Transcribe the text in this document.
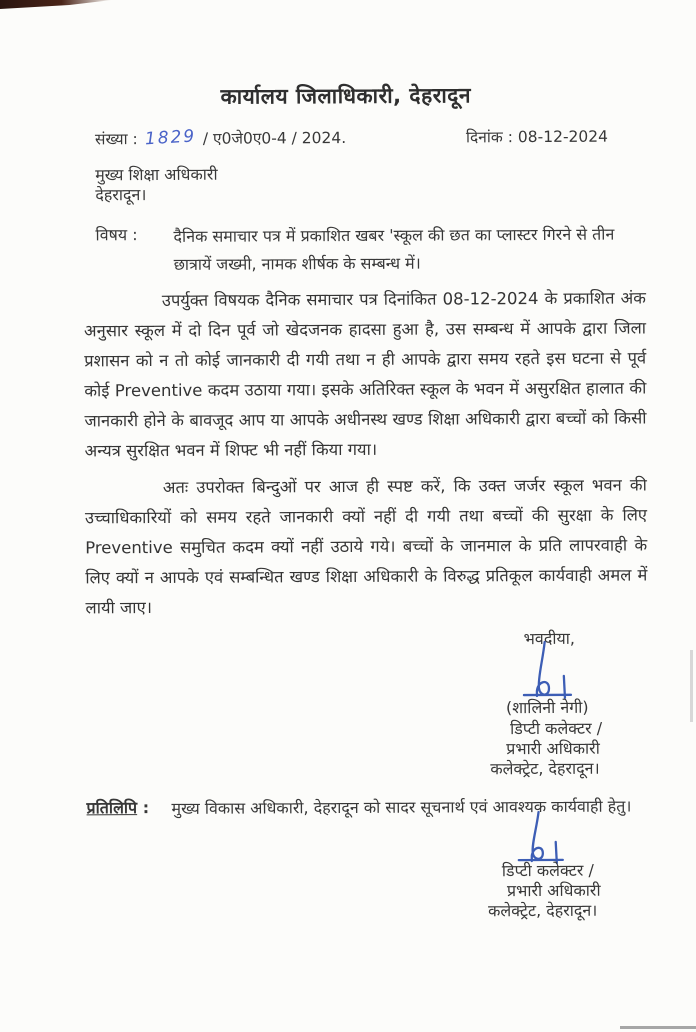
कार्यालय जिलाधिकारी, देहरादून
संख्या : 1829 / ए0जे0ए0-4 / 2024.	दिनांक : 08-12-2024
मुख्य शिक्षा अधिकारी
देहरादून।
विषय : दैनिक समाचार पत्र में प्रकाशित खबर 'स्कूल की छत का प्लास्टर गिरने से तीन छात्रायें जख्मी, नामक शीर्षक के सम्बन्ध में।
उपर्युक्त विषयक दैनिक समाचार पत्र दिनांकित 08-12-2024 के प्रकाशित अंक अनुसार स्कूल में दो दिन पूर्व जो खेदजनक हादसा हुआ है, उस सम्बन्ध में आपके द्वारा जिला प्रशासन को न तो कोई जानकारी दी गयी तथा न ही आपके द्वारा समय रहते इस घटना से पूर्व कोई Preventive कदम उठाया गया। इसके अतिरिक्त स्कूल के भवन में असुरक्षित हालात की जानकारी होने के बावजूद आप या आपके अधीनस्थ खण्ड शिक्षा अधिकारी द्वारा बच्चों को किसी अन्यत्र सुरक्षित भवन में शिफ्ट भी नहीं किया गया।
अतः उपरोक्त बिन्दुओं पर आज ही स्पष्ट करें, कि उक्त जर्जर स्कूल भवन की उच्चाधिकारियों को समय रहते जानकारी क्यों नहीं दी गयी तथा बच्चों की सुरक्षा के लिए Preventive समुचित कदम क्यों नहीं उठाये गये। बच्चों के जानमाल के प्रति लापरवाही के लिए क्यों न आपके एवं सम्बन्धित खण्ड शिक्षा अधिकारी के विरुद्ध प्रतिकूल कार्यवाही अमल में लायी जाए।
भवदीया,
(शालिनी नेगी)
डिप्टी कलेक्टर /
प्रभारी अधिकारी
कलेक्ट्रेट, देहरादून।
प्रतिलिपि : मुख्य विकास अधिकारी, देहरादून को सादर सूचनार्थ एवं आवश्यक कार्यवाही हेतु।
डिप्टी कलेक्टर /
प्रभारी अधिकारी
कलेक्ट्रेट, देहरादून।
